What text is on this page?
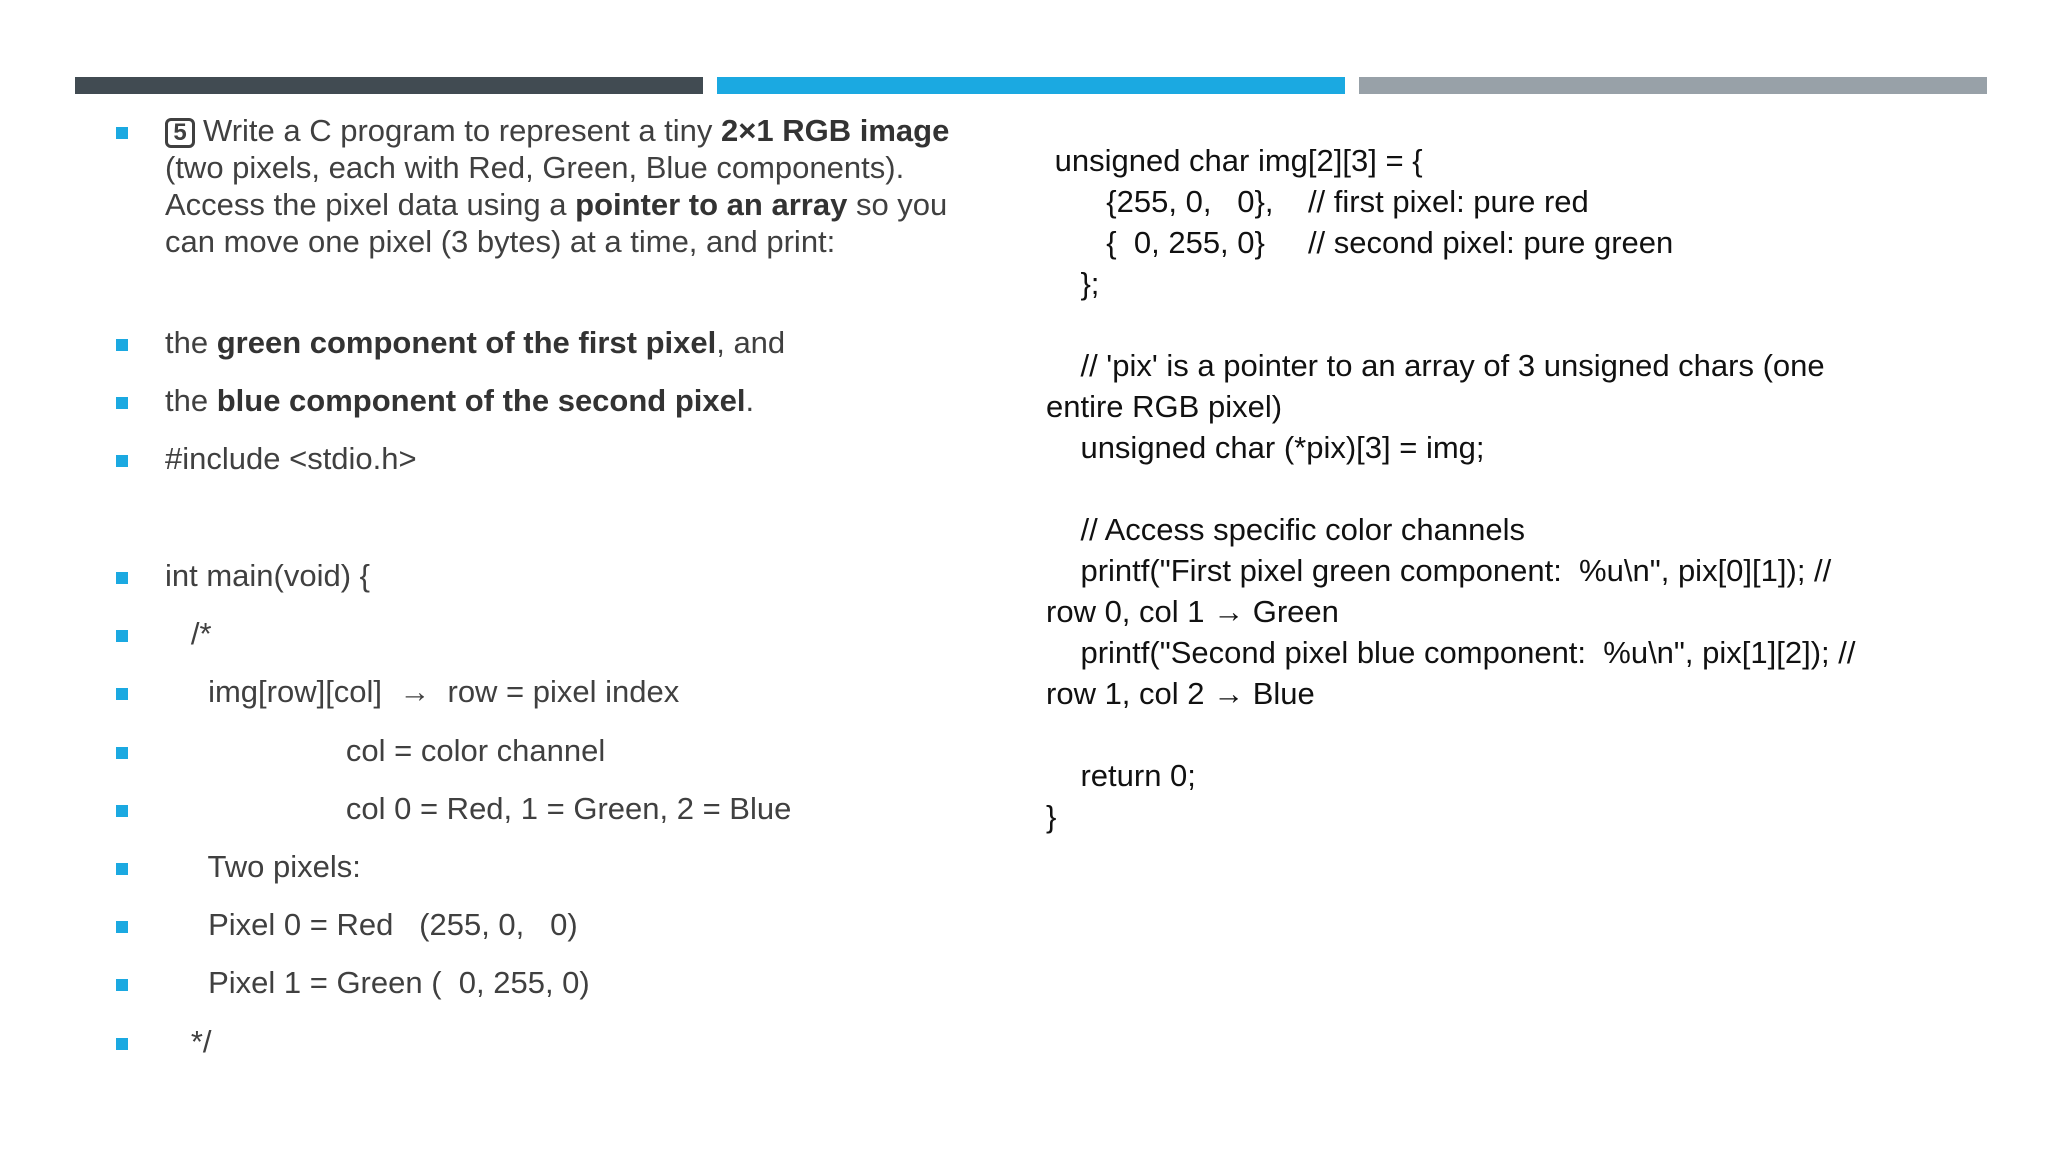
5 Write a C program to represent a tiny 2×1 RGB image (two pixels, each with Red, Green, Blue components).
Access the pixel data using a pointer to an array so you can move one pixel (3 bytes) at a time, and print:
the green component of the first pixel, and
the blue component of the second pixel.
#include <stdio.h>
int main(void) {
/*
img[row][col]  →  row = pixel index
col = color channel
col 0 = Red, 1 = Green, 2 = Blue
Two pixels:
Pixel 0 = Red   (255, 0,   0)
Pixel 1 = Green (  0, 255, 0)
*/
unsigned char img[2][3] = {
{255, 0,   0},    // first pixel: pure red
{  0, 255, 0}     // second pixel: pure green
};
// 'pix' is a pointer to an array of 3 unsigned chars (one
entire RGB pixel)
unsigned char (*pix)[3] = img;
// Access specific color channels
printf("First pixel green component:  %u\n", pix[0][1]); //
row 0, col 1 → Green
printf("Second pixel blue component:  %u\n", pix[1][2]); //
row 1, col 2 → Blue
return 0;
}
